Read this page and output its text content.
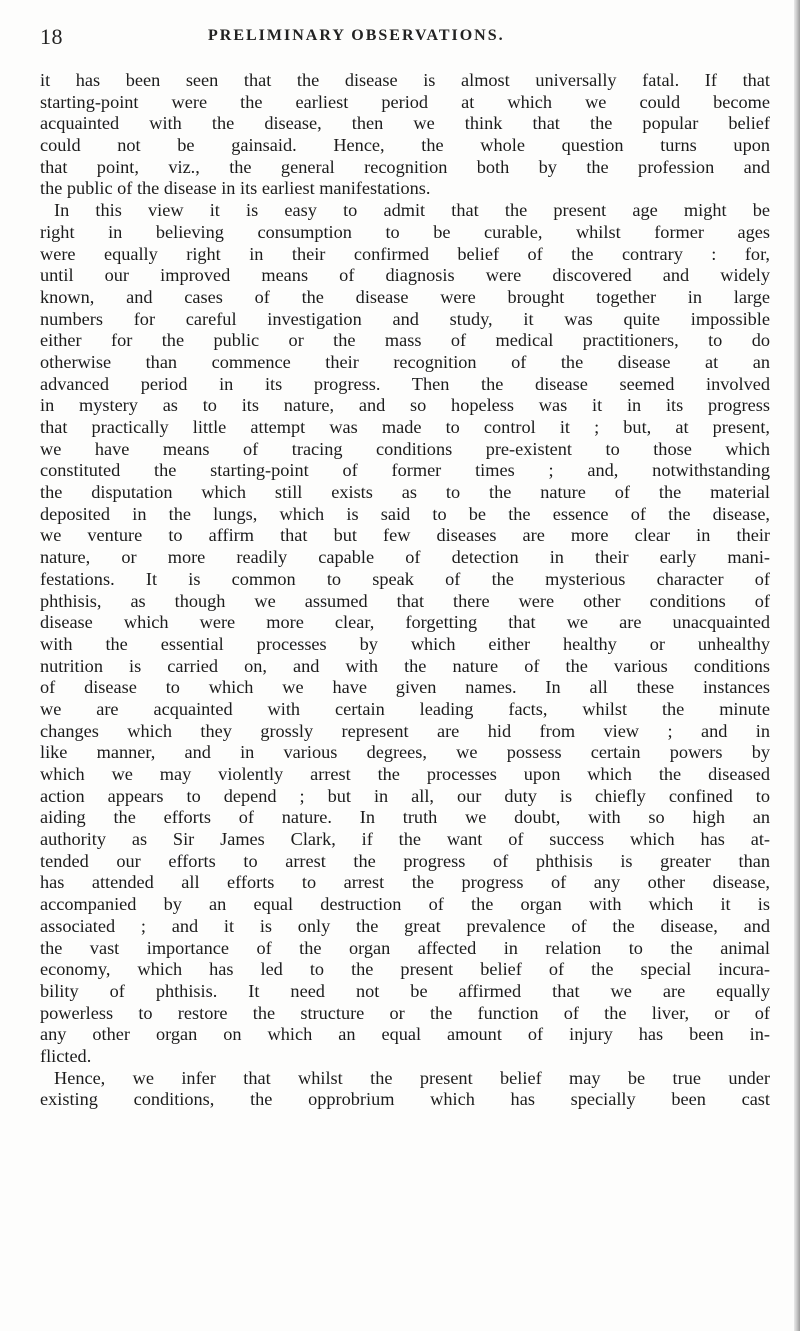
18	PRELIMINARY OBSERVATIONS.
it has been seen that the disease is almost universally fatal. If that
starting-point were the earliest period at which we could become
acquainted with the disease, then we think that the popular belief
could not be gainsaid. Hence, the whole question turns upon
that point, viz., the general recognition both by the profession and
the public of the disease in its earliest manifestations.
In this view it is easy to admit that the present age might be
right in believing consumption to be curable, whilst former ages
were equally right in their confirmed belief of the contrary : for,
until our improved means of diagnosis were discovered and widely
known, and cases of the disease were brought together in large
numbers for careful investigation and study, it was quite impossible
either for the public or the mass of medical practitioners, to do
otherwise than commence their recognition of the disease at an
advanced period in its progress. Then the disease seemed involved
in mystery as to its nature, and so hopeless was it in its progress
that practically little attempt was made to control it ; but, at present,
we have means of tracing conditions pre-existent to those which
constituted the starting-point of former times ; and, notwithstanding
the disputation which still exists as to the nature of the material
deposited in the lungs, which is said to be the essence of the disease,
we venture to affirm that but few diseases are more clear in their
nature, or more readily capable of detection in their early mani-
festations. It is common to speak of the mysterious character of
phthisis, as though we assumed that there were other conditions of
disease which were more clear, forgetting that we are unacquainted
with the essential processes by which either healthy or unhealthy
nutrition is carried on, and with the nature of the various conditions
of disease to which we have given names. In all these instances
we are acquainted with certain leading facts, whilst the minute
changes which they grossly represent are hid from view ; and in
like manner, and in various degrees, we possess certain powers by
which we may violently arrest the processes upon which the diseased
action appears to depend ; but in all, our duty is chiefly confined to
aiding the efforts of nature. In truth we doubt, with so high an
authority as Sir James Clark, if the want of success which has at-
tended our efforts to arrest the progress of phthisis is greater than
has attended all efforts to arrest the progress of any other disease,
accompanied by an equal destruction of the organ with which it is
associated ; and it is only the great prevalence of the disease, and
the vast importance of the organ affected in relation to the animal
economy, which has led to the present belief of the special incura-
bility of phthisis. It need not be affirmed that we are equally
powerless to restore the structure or the function of the liver, or of
any other organ on which an equal amount of injury has been in-
flicted.
Hence, we infer that whilst the present belief may be true under
existing conditions, the opprobrium which has specially been cast
